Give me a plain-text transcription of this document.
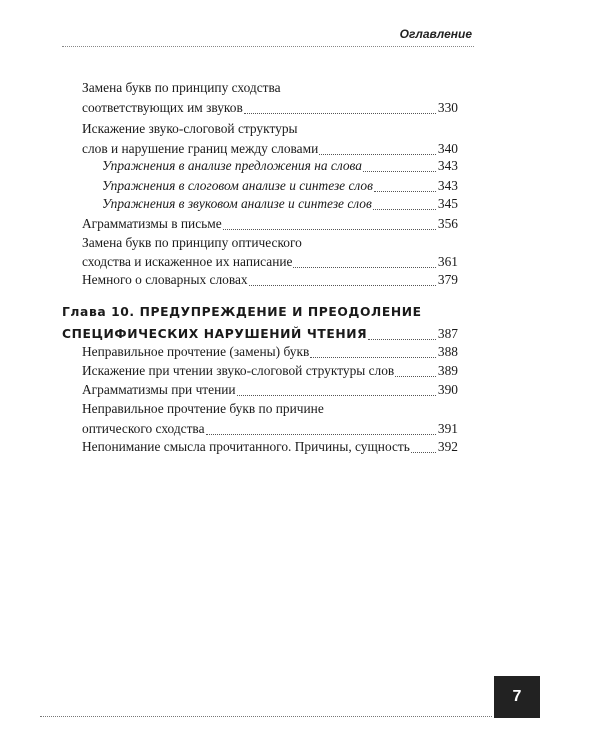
Оглавление
Замена букв по принципу сходства
соответствующих им звуков	330
Искажение звуко-слоговой структуры
слов и нарушение границ между словами	340
Упражнения в анализе предложения на слова	343
Упражнения в слоговом анализе и синтезе слов	343
Упражнения в звуковом анализе и синтезе слов	345
Аграмматизмы в письме	356
Замена букв по принципу оптического
сходства и искаженное их написание	361
Немного о словарных словах	379
Глава 10. ПРЕДУПРЕЖДЕНИЕ И ПРЕОДОЛЕНИЕ
СПЕЦИФИЧЕСКИХ НАРУШЕНИЙ ЧТЕНИЯ	387
Неправильное прочтение (замены) букв	388
Искажение при чтении звуко-слоговой структуры слов	389
Аграмматизмы при чтении	390
Неправильное прочтение букв по причине
оптического сходства	391
Непонимание смысла прочитанного. Причины, сущность 392
7
